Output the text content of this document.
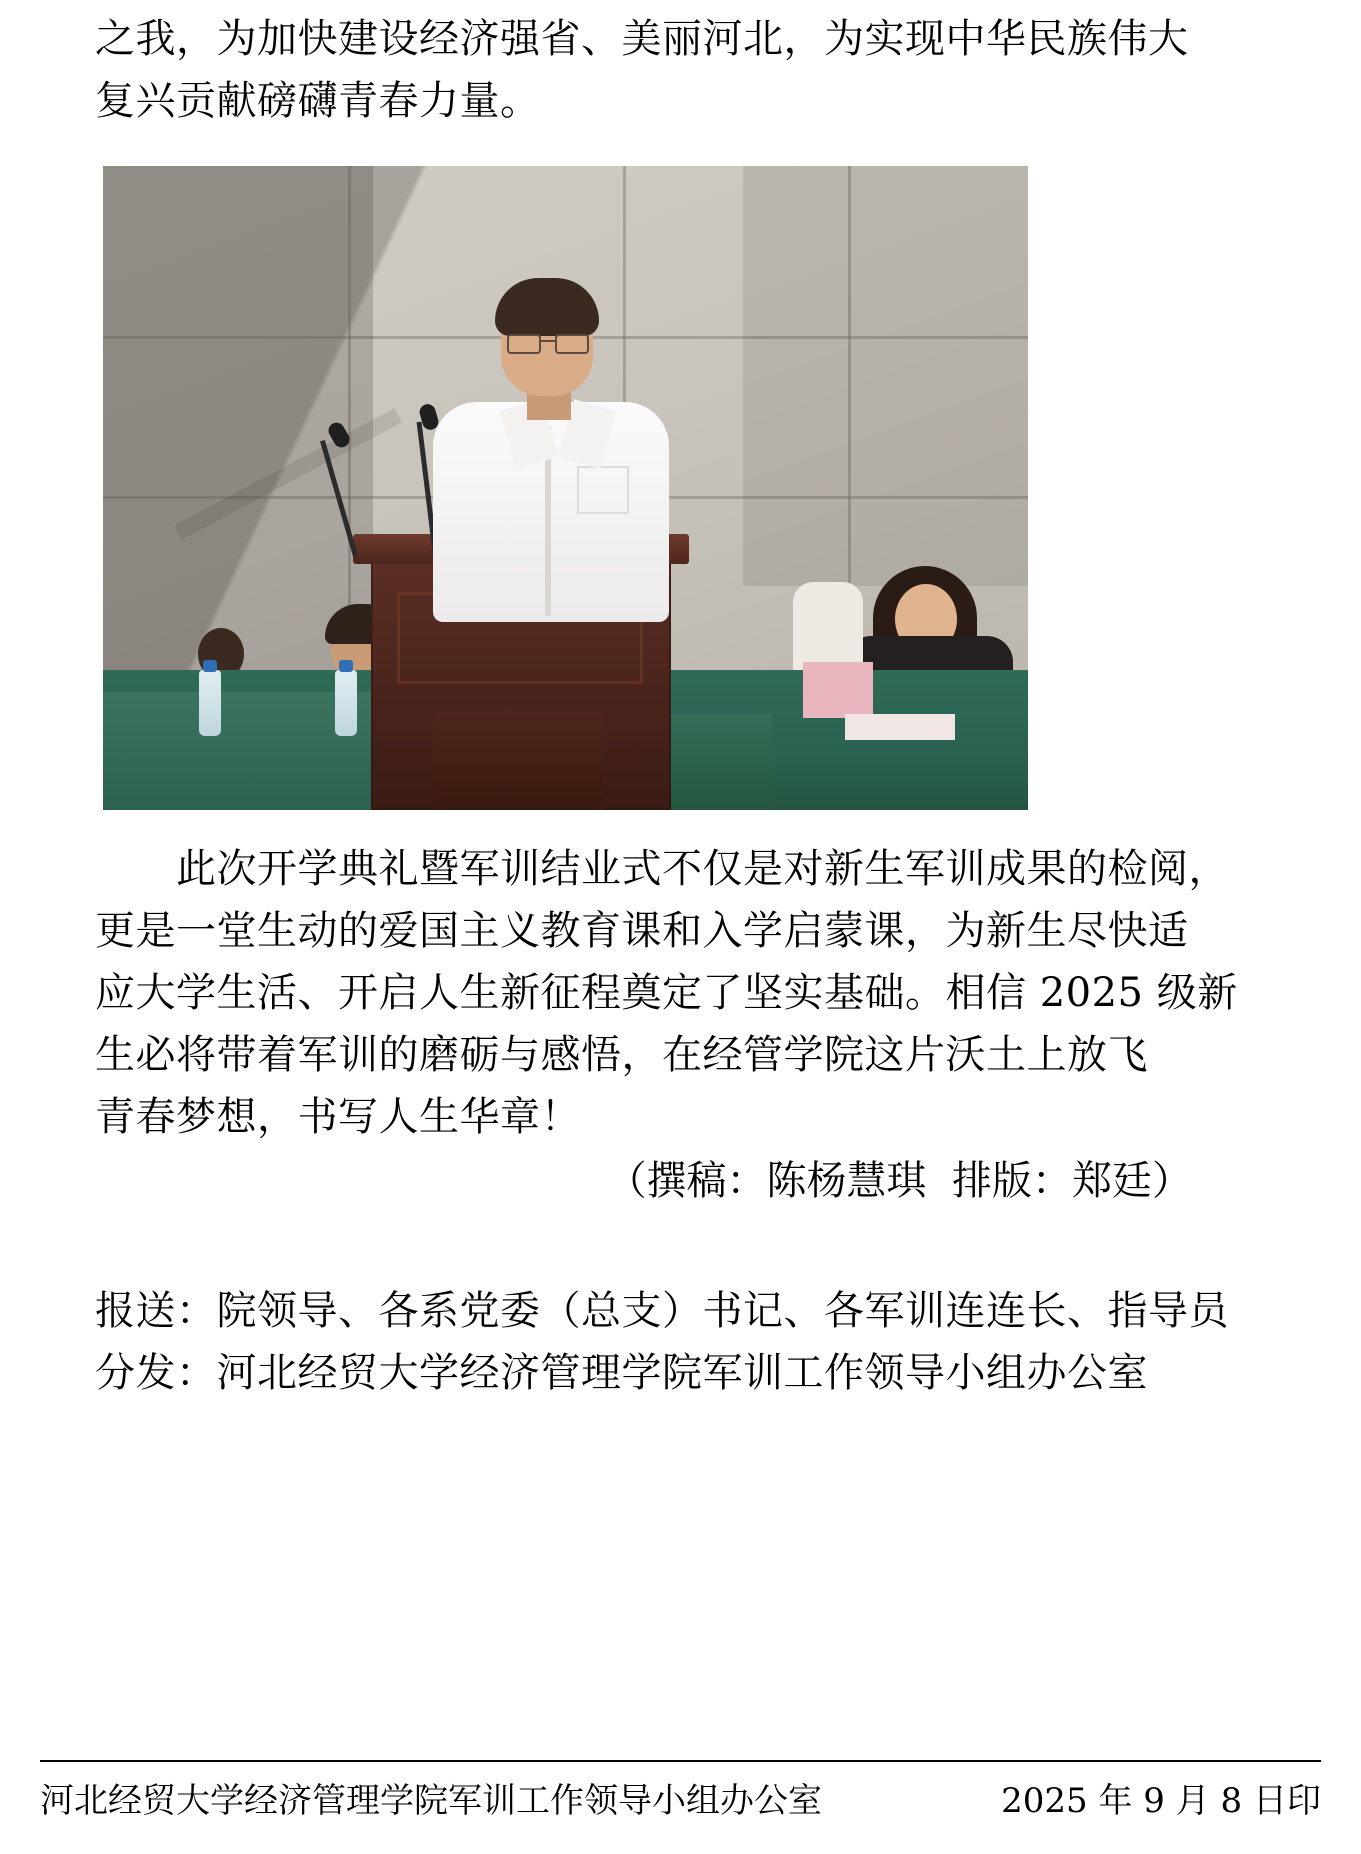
之我，为加快建设经济强省、美丽河北，为实现中华民族伟大
复兴贡献磅礴青春力量。
　　此次开学典礼暨军训结业式不仅是对新生军训成果的检阅，
更是一堂生动的爱国主义教育课和入学启蒙课，为新生尽快适
应大学生活、开启人生新征程奠定了坚实基础。相信 2025 级新
生必将带着军训的磨砺与感悟，在经管学院这片沃土上放飞
青春梦想，书写人生华章！
（撰稿：陈杨慧琪  排版：郑廷）
报送：院领导、各系党委（总支）书记、各军训连连长、指导员
分发：河北经贸大学经济管理学院军训工作领导小组办公室
河北经贸大学经济管理学院军训工作领导小组办公室	2025 年 9 月 8 日印
